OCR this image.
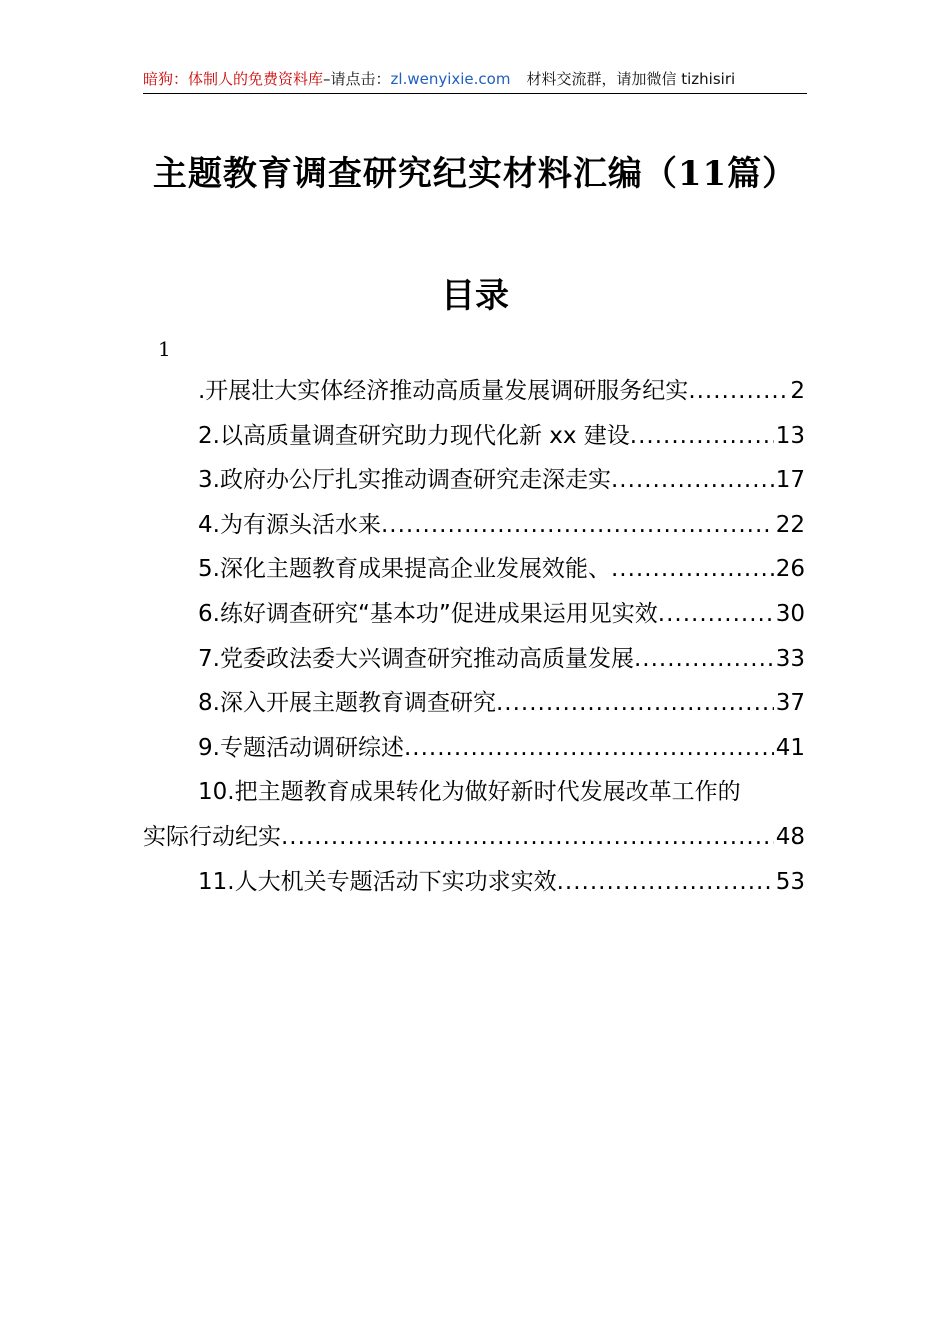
暗狗：体制人的免费资料库–请点击：zl.wenyixie.com 材料交流群，请加微信 tizhisiri
主题教育调查研究纪实材料汇编（11篇）
目录
1
.开展壮大实体经济推动高质量发展调研服务纪实 .....	2
2.以高质量调查研究助力现代化新 xx 建设 .....	13
3.政府办公厅扎实推动调查研究走深走实 .....	17
4.为有源头活水来 .....	22
5.深化主题教育成果提高企业发展效能、 .....	26
6.练好调查研究“基本功”促进成果运用见实效 .....	30
7.党委政法委大兴调查研究推动高质量发展 .....	33
8.深入开展主题教育调查研究 .....	37
9.专题活动调研综述 .....	41
10.把主题教育成果转化为做好新时代发展改革工作的
实际行动纪实 .....	48
11.人大机关专题活动下实功求实效 .....	53
